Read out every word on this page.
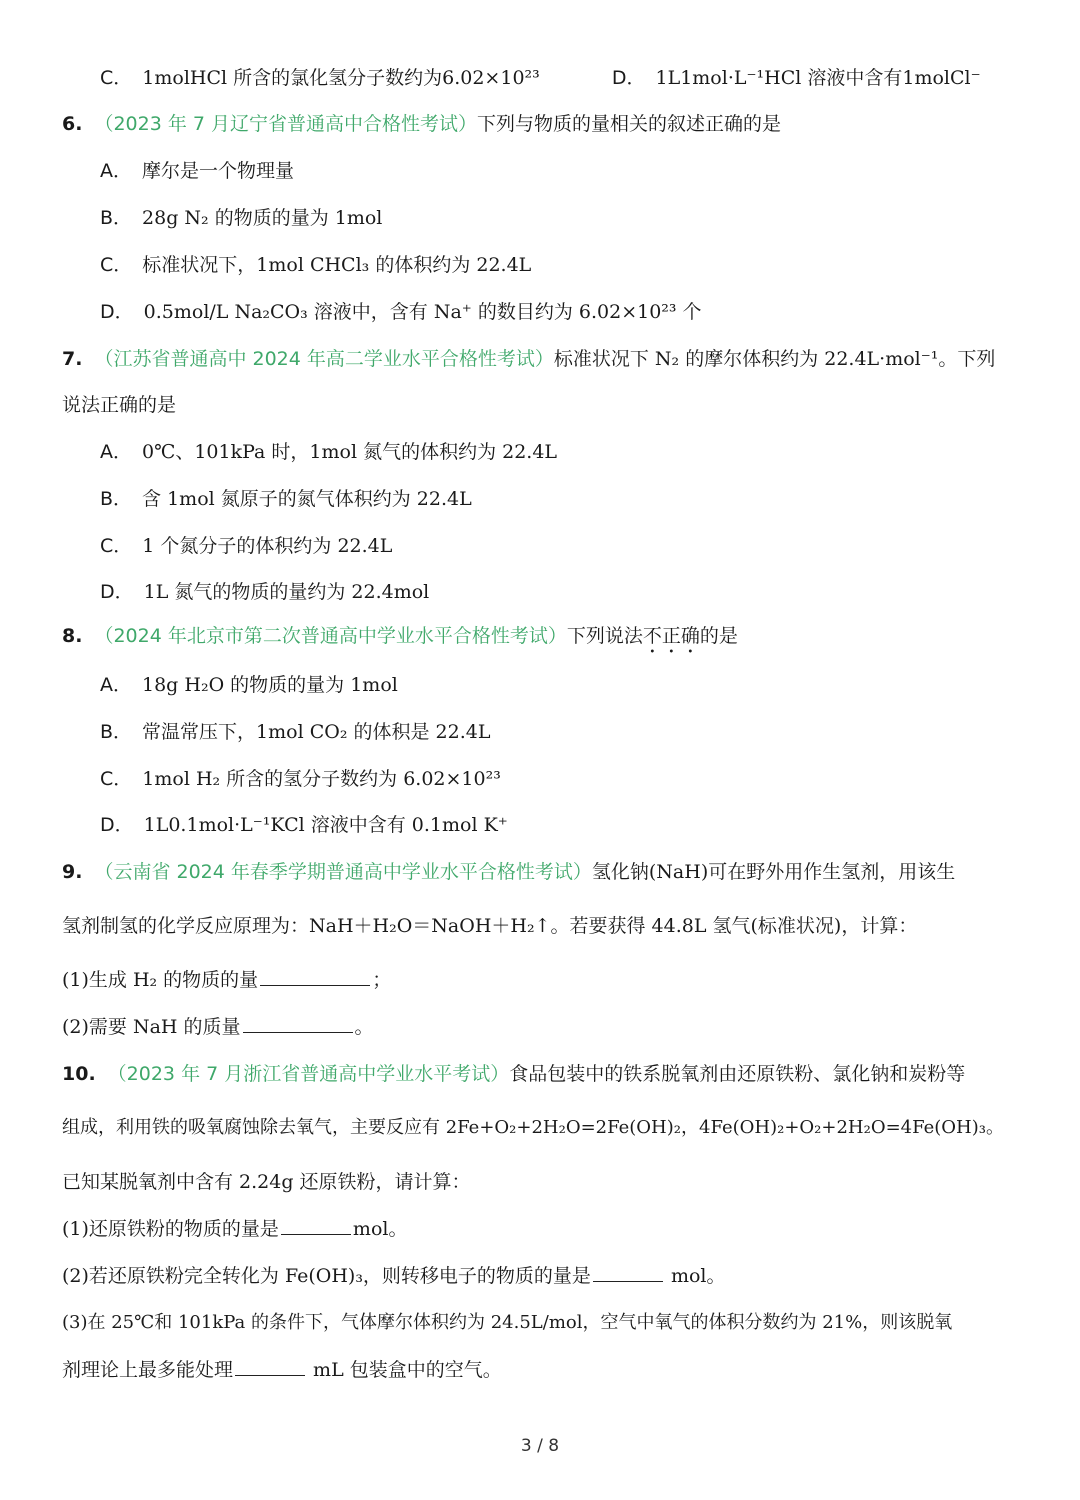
C． 1molHCl 所含的氯化氢分子数约为6.02×10²³	D． 1L1mol·L⁻¹HCl 溶液中含有1molCl⁻
6. （2023 年 7 月辽宁省普通高中合格性考试）下列与物质的量相关的叙述正确的是
A． 摩尔是一个物理量
B． 28g N₂ 的物质的量为 1mol
C． 标准状况下，1mol CHCl₃ 的体积约为 22.4L
D． 0.5mol/L Na₂CO₃ 溶液中，含有 Na⁺ 的数目约为 6.02×10²³ 个
7. （江苏省普通高中 2024 年高二学业水平合格性考试）标准状况下 N₂ 的摩尔体积约为 22.4L·mol⁻¹。下列
说法正确的是
A． 0℃、101kPa 时，1mol 氮气的体积约为 22.4L
B． 含 1mol 氮原子的氮气体积约为 22.4L
C． 1 个氮分子的体积约为 22.4L
D． 1L 氮气的物质的量约为 22.4mol
8. （2024 年北京市第二次普通高中学业水平合格性考试）下列说法不正确的是
A． 18g H₂O 的物质的量为 1mol
B． 常温常压下，1mol CO₂ 的体积是 22.4L
C． 1mol H₂ 所含的氢分子数约为 6.02×10²³
D． 1L0.1mol·L⁻¹KCl 溶液中含有 0.1mol K⁺
9. （云南省 2024 年春季学期普通高中学业水平合格性考试）氢化钠(NaH)可在野外用作生氢剂，用该生
氢剂制氢的化学反应原理为：NaH＋H₂O＝NaOH＋H₂↑。若要获得 44.8L 氢气(标准状况)，计算：
(1)生成 H₂ 的物质的量	；
(2)需要 NaH 的质量	。
10. （2023 年 7 月浙江省普通高中学业水平考试）食品包装中的铁系脱氧剂由还原铁粉、氯化钠和炭粉等
组成，利用铁的吸氧腐蚀除去氧气，主要反应有 2Fe+O₂+2H₂O=2Fe(OH)₂，4Fe(OH)₂+O₂+2H₂O=4Fe(OH)₃。
已知某脱氧剂中含有 2.24g 还原铁粉，请计算：
(1)还原铁粉的物质的量是	mol。
(2)若还原铁粉完全转化为 Fe(OH)₃，则转移电子的物质的量是	mol。
(3)在 25℃和 101kPa 的条件下，气体摩尔体积约为 24.5L/mol，空气中氧气的体积分数约为 21%，则该脱氧
剂理论上最多能处理	mL 包装盒中的空气。
3 / 8
